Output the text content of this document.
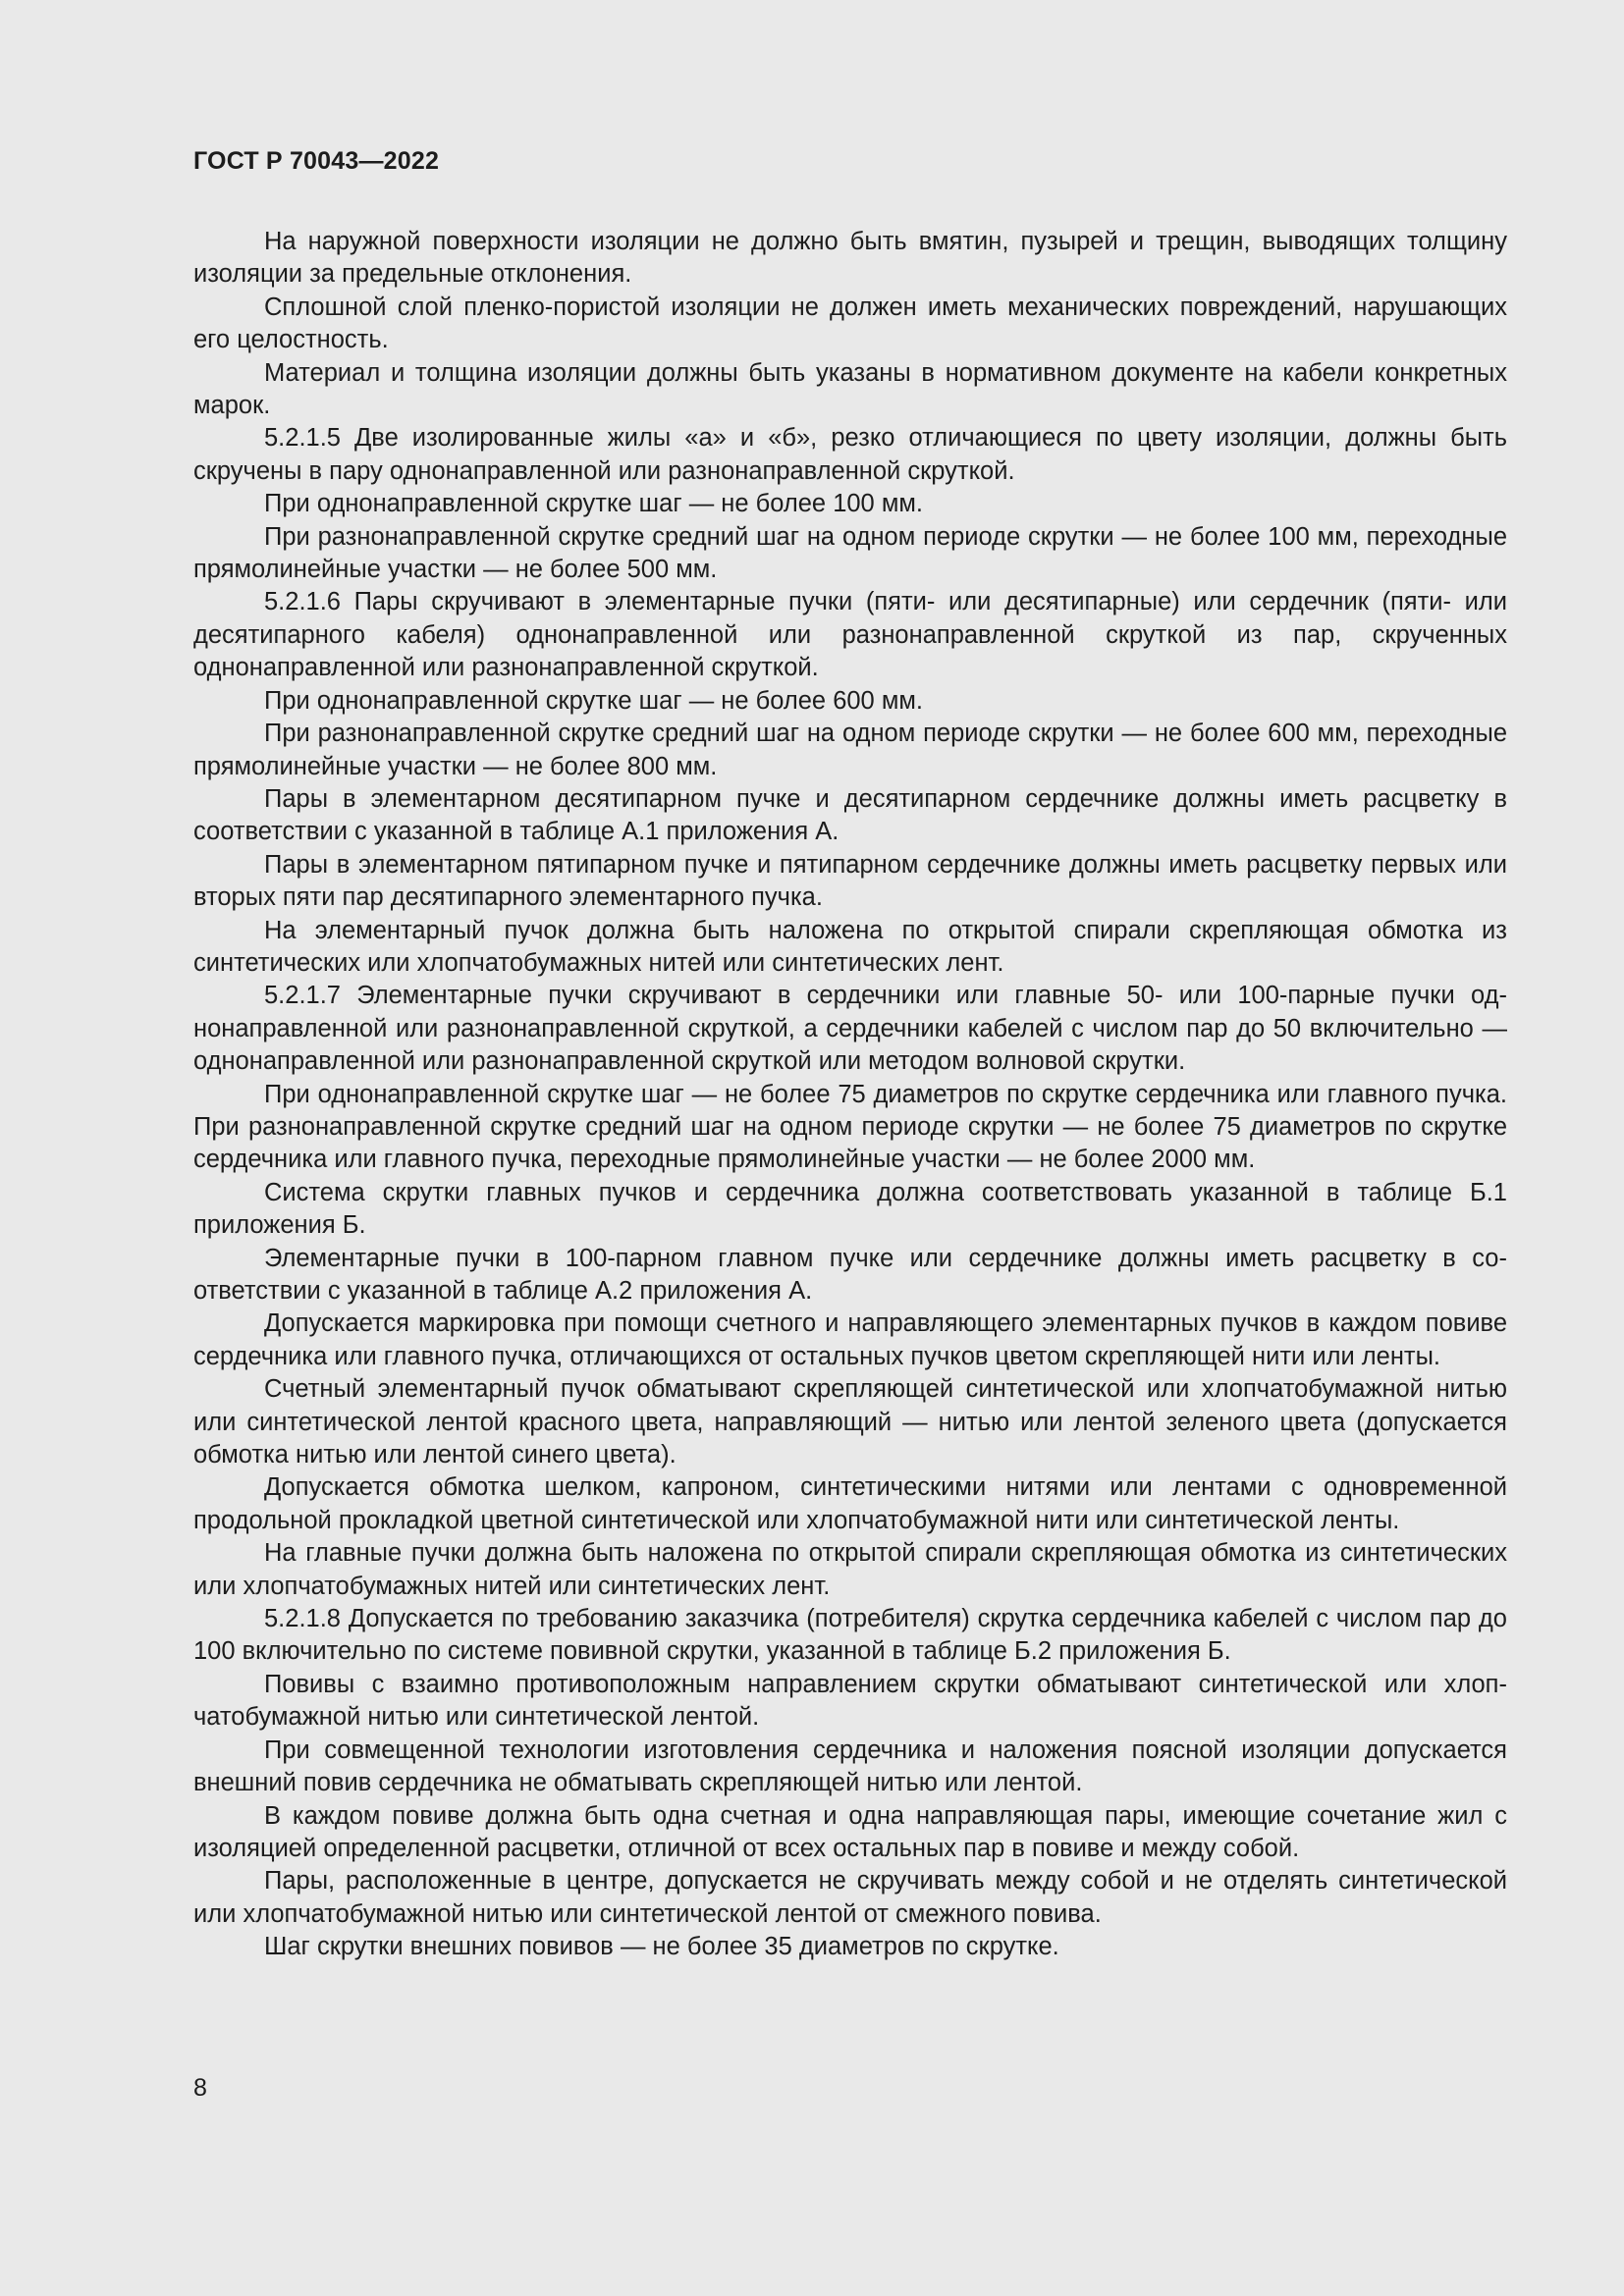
ГОСТ Р 70043—2022

На наружной поверхности изоляции не должно быть вмятин, пузырей и трещин, выводящих толщину изоляции за предельные отклонения.

Сплошной слой пленко-пористой изоляции не должен иметь механических повреждений, нарушающих его целостность.

Материал и толщина изоляции должны быть указаны в нормативном документе на кабели конкретных марок.

5.2.1.5 Две изолированные жилы «а» и «б», резко отличающиеся по цвету изоляции, должны быть скручены в пару однонаправленной или разнонаправленной скруткой.

При однонаправленной скрутке шаг — не более 100 мм.

При разнонаправленной скрутке средний шаг на одном периоде скрутки — не более 100 мм, переходные прямолинейные участки — не более 500 мм.

5.2.1.6 Пары скручивают в элементарные пучки (пяти- или десятипарные) или сердечник (пяти- или десятипарного кабеля) однонаправленной или разнонаправленной скруткой из пар, скрученных однонаправленной или разнонаправленной скруткой.

При однонаправленной скрутке шаг — не более 600 мм.

При разнонаправленной скрутке средний шаг на одном периоде скрутки — не более 600 мм, переходные прямолинейные участки — не более 800 мм.

Пары в элементарном десятипарном пучке и десятипарном сердечнике должны иметь расцветку в соответствии с указанной в таблице А.1 приложения А.

Пары в элементарном пятипарном пучке и пятипарном сердечнике должны иметь расцветку первых или вторых пяти пар десятипарного элементарного пучка.

На элементарный пучок должна быть наложена по открытой спирали скрепляющая обмотка из синтетических или хлопчатобумажных нитей или синтетических лент.

5.2.1.7 Элементарные пучки скручивают в сердечники или главные 50- или 100-парные пучки однонаправленной или разнонаправленной скруткой, а сердечники кабелей с числом пар до 50 включительно — однонаправленной или разнонаправленной скруткой или методом волновой скрутки.

При однонаправленной скрутке шаг — не более 75 диаметров по скрутке сердечника или главного пучка. При разнонаправленной скрутке средний шаг на одном периоде скрутки — не более 75 диаметров по скрутке сердечника или главного пучка, переходные прямолинейные участки — не более 2000 мм.

Система скрутки главных пучков и сердечника должна соответствовать указанной в таблице Б.1 приложения Б.

Элементарные пучки в 100-парном главном пучке или сердечнике должны иметь расцветку в соответствии с указанной в таблице А.2 приложения А.

Допускается маркировка при помощи счетного и направляющего элементарных пучков в каждом повиве сердечника или главного пучка, отличающихся от остальных пучков цветом скрепляющей нити или ленты.

Счетный элементарный пучок обматывают скрепляющей синтетической или хлопчатобумажной нитью или синтетической лентой красного цвета, направляющий — нитью или лентой зеленого цвета (допускается обмотка нитью или лентой синего цвета).

Допускается обмотка шелком, капроном, синтетическими нитями или лентами с одновременной продольной прокладкой цветной синтетической или хлопчатобумажной нити или синтетической ленты.

На главные пучки должна быть наложена по открытой спирали скрепляющая обмотка из синтетических или хлопчатобумажных нитей или синтетических лент.

5.2.1.8 Допускается по требованию заказчика (потребителя) скрутка сердечника кабелей с числом пар до 100 включительно по системе повивной скрутки, указанной в таблице Б.2 приложения Б.

Повивы с взаимно противоположным направлением скрутки обматывают синтетической или хлопчатобумажной нитью или синтетической лентой.

При совмещенной технологии изготовления сердечника и наложения поясной изоляции допускается внешний повив сердечника не обматывать скрепляющей нитью или лентой.

В каждом повиве должна быть одна счетная и одна направляющая пары, имеющие сочетание жил с изоляцией определенной расцветки, отличной от всех остальных пар в повиве и между собой.

Пары, расположенные в центре, допускается не скручивать между собой и не отделять синтетической или хлопчатобумажной нитью или синтетической лентой от смежного повива.

Шаг скрутки внешних повивов — не более 35 диаметров по скрутке.

8
